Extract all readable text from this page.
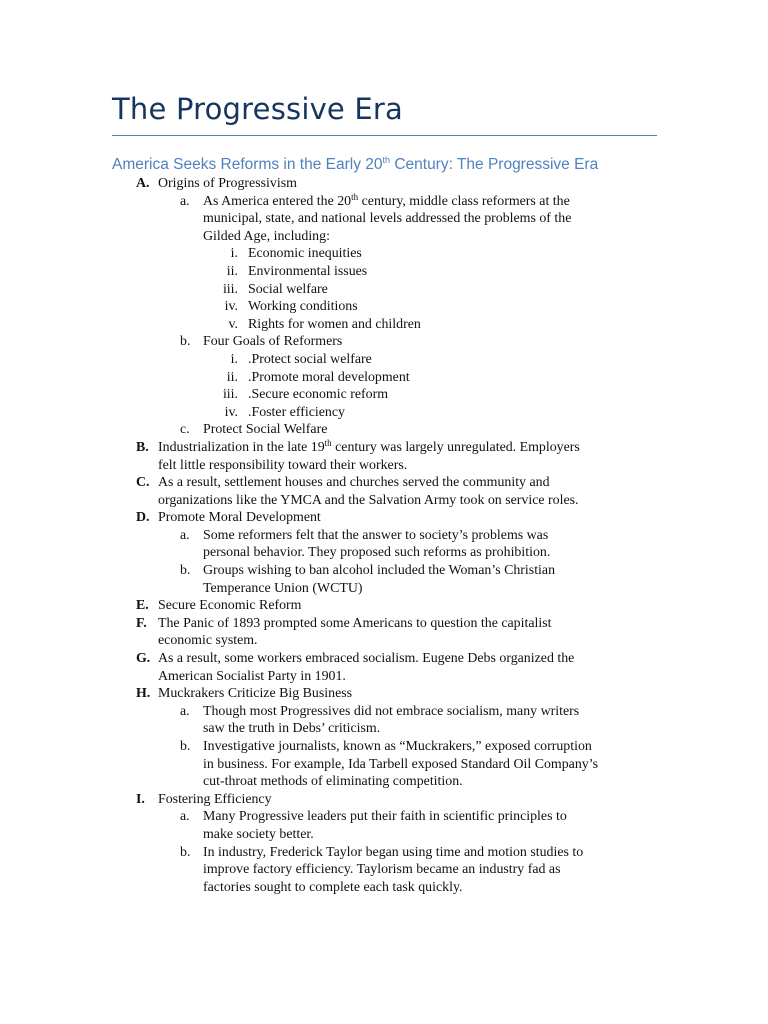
The Progressive Era
America Seeks Reforms in the Early 20th Century: The Progressive Era
A. Origins of Progressivism
a. As America entered the 20th century, middle class reformers at the
municipal, state, and national levels addressed the problems of the
Gilded Age, including:
i. Economic inequities
ii. Environmental issues
iii. Social welfare
iv. Working conditions
v. Rights for women and children
b. Four Goals of Reformers
i. .Protect social welfare
ii. .Promote moral development
iii. .Secure economic reform
iv. .Foster efficiency
c. Protect Social Welfare
B. Industrialization in the late 19th century was largely unregulated. Employers
felt little responsibility toward their workers.
C. As a result, settlement houses and churches served the community and
organizations like the YMCA and the Salvation Army took on service roles.
D. Promote Moral Development
a. Some reformers felt that the answer to society’s problems was
personal behavior. They proposed such reforms as prohibition.
b. Groups wishing to ban alcohol included the Woman’s Christian
Temperance Union (WCTU)
E. Secure Economic Reform
F. The Panic of 1893 prompted some Americans to question the capitalist
economic system.
G. As a result, some workers embraced socialism. Eugene Debs organized the
American Socialist Party in 1901.
H. Muckrakers Criticize Big Business
a. Though most Progressives did not embrace socialism, many writers
saw the truth in Debs’ criticism.
b. Investigative journalists, known as “Muckrakers,” exposed corruption
in business. For example, Ida Tarbell exposed Standard Oil Company’s
cut-throat methods of eliminating competition.
I. Fostering Efficiency
a. Many Progressive leaders put their faith in scientific principles to
make society better.
b. In industry, Frederick Taylor began using time and motion studies to
improve factory efficiency. Taylorism became an industry fad as
factories sought to complete each task quickly.
